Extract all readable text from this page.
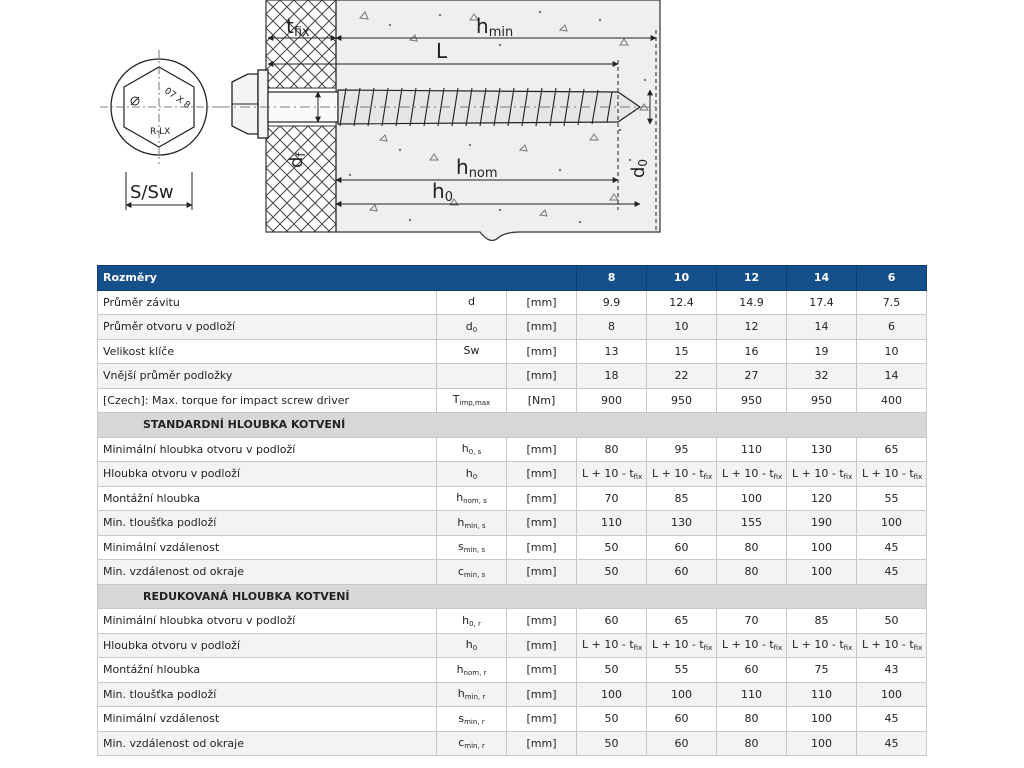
07 X 8
R-LX
tfix	hmin
L
hnom
h0
d0
df
S/Sw
Rozměry			8	10	12	14	6
Průměr závitu	d	[mm]	9.9	12.4	14.9	17.4	7.5
Průměr otvoru v podloží	$d_0$	[mm]	8	10	12	14	6
Velikost klíče	Sw	[mm]	13	15	16	19	10
Vnější průměr podložky		[mm]	18	22	27	32	14
[Czech]: Max. torque for impact screw driver	$T_{imp,max}$	[Nm]	900	950	950	950	400
STANDARDNÍ HLOUBKA KOTVENÍ							
Minimální hloubka otvoru v podloží	$h_{0, s}$	[mm]	80	95	110	130	65
Hloubka otvoru v podloží	$h_0$	[mm]	$L + 10 - t_{fix}$	$L + 10 - t_{fix}$	$L + 10 - t_{fix}$	$L + 10 - t_{fix}$	$L + 10 - t_{fix}$
Montážní hloubka	$h_{nom, s}$	[mm]	70	85	100	120	55
Min. tloušťka podloží	$h_{min, s}$	[mm]	110	130	155	190	100
Minimální vzdálenost	$s_{min, s}$	[mm]	50	60	80	100	45
Min. vzdálenost od okraje	$c_{min, s}$	[mm]	50	60	80	100	45
REDUKOVANÁ HLOUBKA KOTVENÍ							
Minimální hloubka otvoru v podloží	$h_{0, r}$	[mm]	60	65	70	85	50
Hloubka otvoru v podloží	$h_0$	[mm]	$L + 10 - t_{fix}$	$L + 10 - t_{fix}$	$L + 10 - t_{fix}$	$L + 10 - t_{fix}$	$L + 10 - t_{fix}$
Montážní hloubka	$h_{nom, r}$	[mm]	50	55	60	75	43
Min. tloušťka podloží	$h_{min, r}$	[mm]	100	100	110	110	100
Minimální vzdálenost	$s_{min, r}$	[mm]	50	60	80	100	45
Min. vzdálenost od okraje	$c_{min, r}$	[mm]	50	60	80	100	45
